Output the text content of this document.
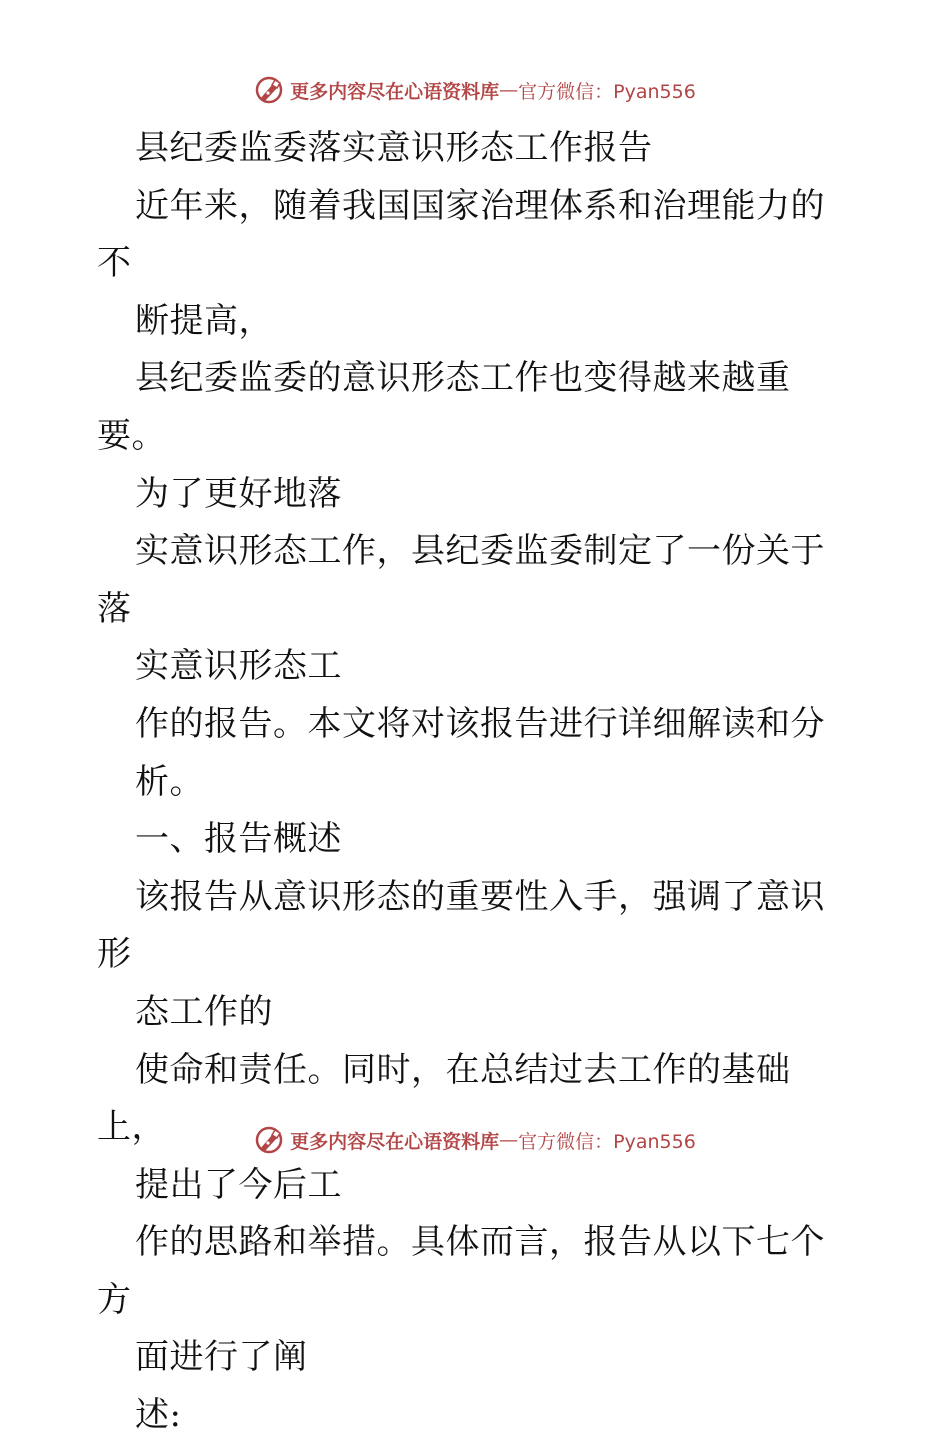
更多内容尽在心语资料库 — 官方微信：Pyan556

县纪委监委落实意识形态工作报告

近年来，随着我国国家治理体系和治理能力的不
断提高，

县纪委监委的意识形态工作也变得越来越重要。
为了更好地落

实意识形态工作，县纪委监委制定了一份关于落
实意识形态工

作的报告。本文将对该报告进行详细解读和分
析。

一、报告概述

该报告从意识形态的重要性入手，强调了意识形
态工作的

使命和责任。同时，在总结过去工作的基础上，
提出了今后工

作的思路和举措。具体而言，报告从以下七个方
面进行了阐

述:

更多内容尽在心语资料库 — 官方微信：Pyan556
